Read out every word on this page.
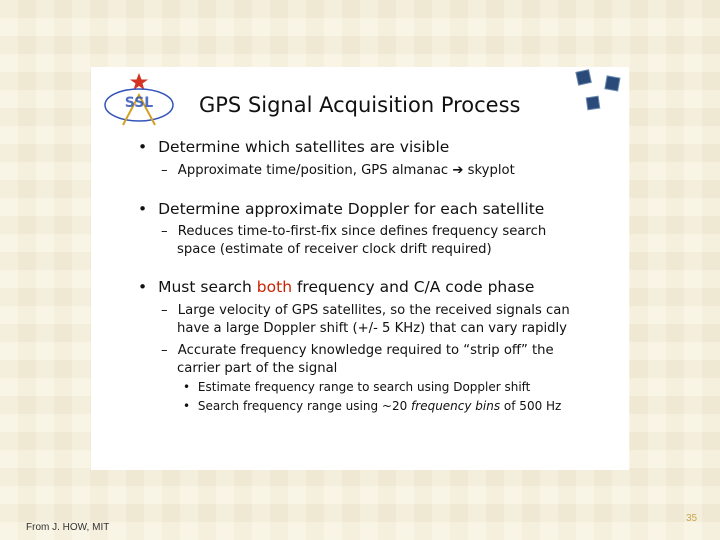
SSL GPS Signal Acquisition Process
• Determine which satellites are visible
– Approximate time/position, GPS almanac ➔ skyplot
• Determine approximate Doppler for each satellite
– Reduces time-to-first-fix since defines frequency search
space (estimate of receiver clock drift required)
• Must search both frequency and C/A code phase
– Large velocity of GPS satellites, so the received signals can
have a large Doppler shift (+/- 5 KHz) that can vary rapidly
– Accurate frequency knowledge required to “strip off” the
carrier part of the signal
• Estimate frequency range to search using Doppler shift
• Search frequency range using ~20 frequency bins of 500 Hz
From J. HOW, MIT
35
